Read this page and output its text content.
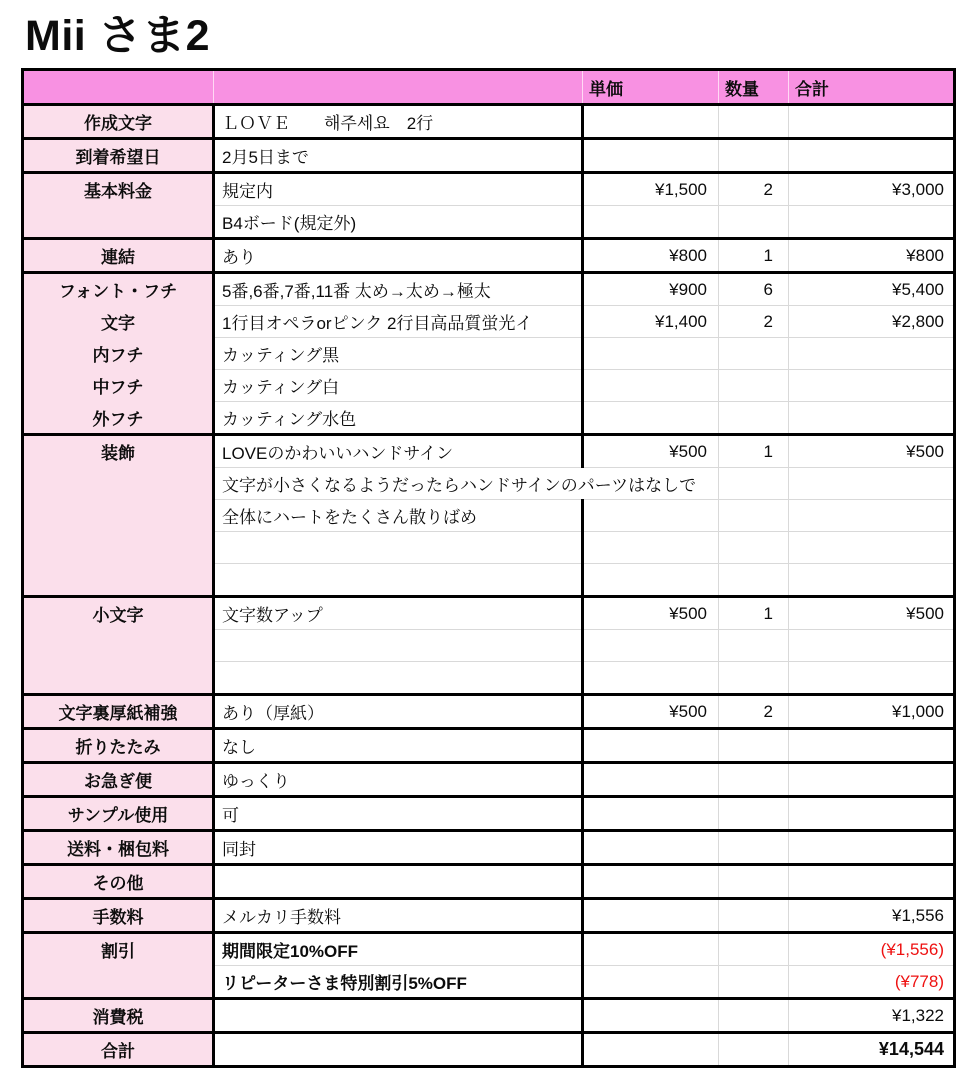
Mii さま2
		単価	数量	合計
作成文字	ＬＯＶＥ　　해주세요　2行			
到着希望日	2月5日まで			
基本料金	規定内	¥1,500	2	¥3,000
	B4ボード(規定外)			
連結	あり	¥800	1	¥800
フォント・フチ	5番,6番,7番,11番 太め→太め→極太	¥900	6	¥5,400
文字	1行目オペラorピンク 2行目高品質蛍光イ	¥1,400	2	¥2,800
内フチ	カッティング黒			
中フチ	カッティング白			
外フチ	カッティング水色			
装飾	LOVEのかわいいハンドサイン	¥500	1	¥500
	文字が小さくなるようだったらハンドサインのパーツはなしで			
	全体にハートをたくさん散りばめ			

小文字	文字数アップ	¥500	1	¥500

文字裏厚紙補強	あり（厚紙）	¥500	2	¥1,000
折りたたみ	なし			
お急ぎ便	ゆっくり			
サンプル使用	可			
送料・梱包料	同封			
その他				
手数料	メルカリ手数料			¥1,556
割引	期間限定10%OFF			(¥1,556)
	リピーターさま特別割引5%OFF			(¥778)
消費税				¥1,322
合計				¥14,544
